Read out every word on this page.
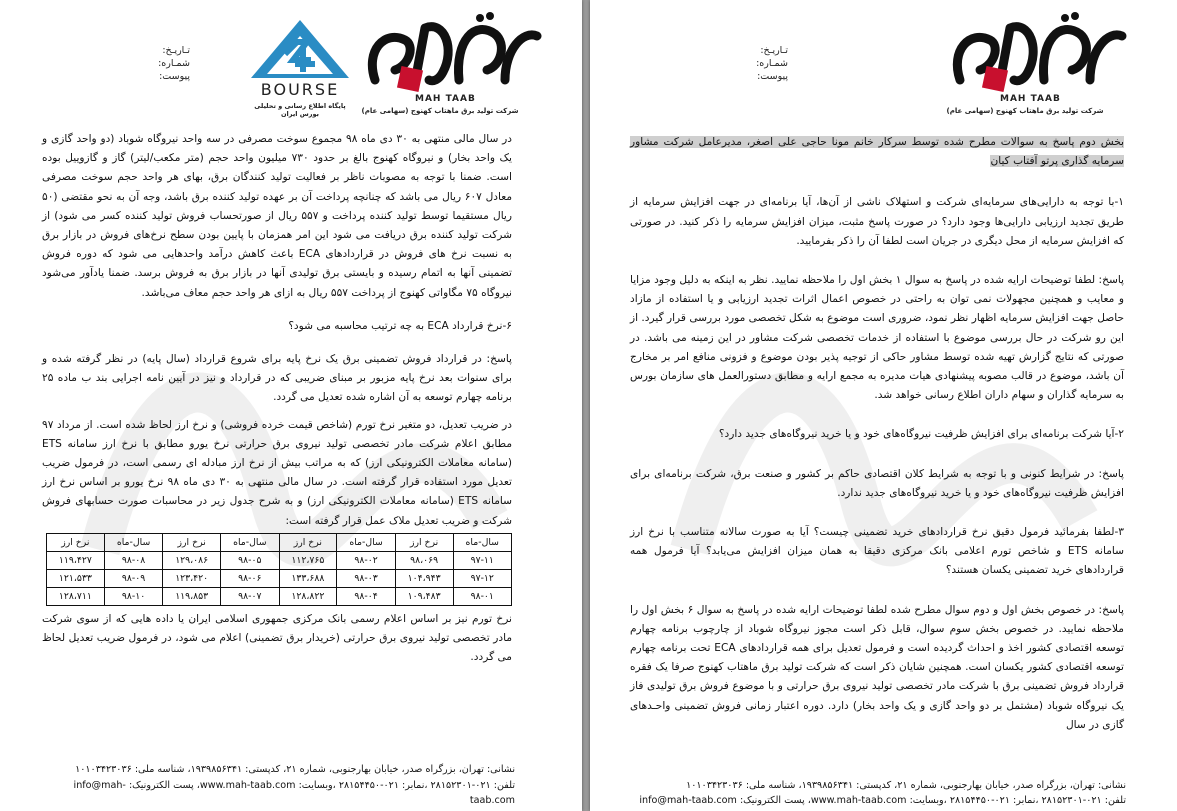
تـاریـخ:
شمـاره:
پیوست:
BOURSE
پایگاه اطلاع رسانی و تحلیلی بورس ایران
MAH TAAB
شرکت تولید برق ماهتاب کهنوج (سهامی عام)

در سال مالی منتهی به ۳۰ دی ماه ۹۸ مجموع سوخت مصرفی در سه واحد نیروگاه شوباد (دو واحد گازی و یک واحد بخار) و نیروگاه کهنوج بالغ بر حدود ۷۳۰ میلیون واحد حجم (متر مکعب/لیتر) گاز و گازوییل بوده است. ضمنا با توجه به مصوبات ناظر بر فعالیت تولید کنندگان برق، بهای هر واحد حجم سوخت مصرفی معادل ۶۰۷ ریال می باشد که چنانچه پرداخت آن بر عهده تولید کننده برق باشد، وجه آن به نحو مقتضی (۵۰ ریال مستقیما توسط تولید کننده پرداخت و ۵۵۷ ریال از صورتحساب فروش تولید کننده کسر می شود) از شرکت تولید کننده برق دریافت می شود این امر همزمان با پایین بودن سطح نرخ‌های فروش در بازار برق به نسبت نرخ های فروش در قراردادهای ECA باعث کاهش درآمد واحدهایی می شود که دوره فروش تضمینی آنها به اتمام رسیده و بایستی برق تولیدی آنها در بازار برق به فروش برسد. ضمنا یادآور می‌شود نیروگاه ۷۵ مگاواتی کهنوج از پرداخت ۵۵۷ ریال به ازای هر واحد حجم معاف می‌باشد.

۶-نرخ قرارداد ECA به چه ترتیب محاسبه می شود؟

پاسخ: در قرارداد فروش تضمینی برق یک نرخ پایه برای شروع قرارداد (سال پایه) در نظر گرفته شده و برای سنوات بعد نرخ پایه مزبور بر مبنای ضریبی که در قرارداد و نیز در آیین نامه اجرایی بند ب ماده ۲۵ برنامه چهارم توسعه به آن اشاره شده تعدیل می گردد.

در ضریب تعدیل، دو متغیر نرخ تورم (شاخص قیمت خرده فروشی) و نرخ ارز لحاظ شده است. از مرداد ۹۷ مطابق اعلام شرکت مادر تخصصی تولید نیروی برق حرارتی نرخ یورو مطابق با نرخ ارز سامانه ETS (سامانه معاملات الکترونیکی ارز) که به مراتب بیش از نرخ ارز مبادله ای رسمی است، در فرمول ضریب تعدیل مورد استفاده قرار گرفته است. در سال مالی منتهی به ۳۰ دی ماه ۹۸ نرخ یورو بر اساس نرخ ارز سامانه ETS (سامانه معاملات الکترونیکی ارز) و به شرح جدول زیر در محاسبات صورت حسابهای فروش شرکت و ضریب تعدیل ملاک عمل قرار گرفته است:

سال-ماه	نرخ ارز	سال-ماه	نرخ ارز	سال-ماه	نرخ ارز	سال-ماه	نرخ ارز
۹۷-۱۱	۹۸،۰۶۹	۹۸-۰۲	۱۱۲،۷۶۵	۹۸-۰۵	۱۲۹،۰۸۶	۹۸-۰۸	۱۱۹،۴۲۷
۹۷-۱۲	۱۰۴،۹۴۳	۹۸-۰۳	۱۳۳،۶۸۸	۹۸-۰۶	۱۲۳،۴۲۰	۹۸-۰۹	۱۲۱،۵۳۳
۹۸-۰۱	۱۰۹،۴۸۳	۹۸-۰۴	۱۲۸،۸۲۲	۹۸-۰۷	۱۱۹،۸۵۳	۹۸-۱۰	۱۲۸،۷۱۱

نرخ تورم نیز بر اساس اعلام رسمی بانک مرکزی جمهوری اسلامی ایران یا داده هایی که از سوی شرکت مادر تخصصی تولید نیروی برق حرارتی (خریدار برق تضمینی) اعلام می شود، در فرمول ضریب تعدیل لحاظ می گردد.

نشانی: تهران، بزرگراه صدر، خیابان بهارجنوبی، شماره ۲۱، کدپستی: ۱۹۳۹۸۵۶۳۴۱، شناسه ملی: ۱۰۱۰۳۴۲۳۰۳۶
تلفن: ۰۲۱-۲۸۱۵۲۳۰۱ ،نمابر: ۰۲۱-۲۸۱۵۴۴۵۰ ،وبسایت: www.mah-taab.com، پست الکترونیک: info@mah-taab.com
تـاریـخ:
شمـاره:
پیوست:
MAH TAAB
شرکت تولید برق ماهتاب کهنوج (سهامی عام)

بخش دوم پاسخ به سوالات مطرح شده توسط سرکار خانم مونا حاجی علی اصغر، مدیرعامل شرکت مشاور سرمایه گذاری پرتو آفتاب کیان

۱-با توجه به دارایی‌های سرمایه‌ای شرکت و استهلاک ناشی از آن‌ها، آیا برنامه‌ای در جهت افزایش سرمایه از طریق تجدید ارزیابی دارایی‌ها وجود دارد؟ در صورت پاسخ مثبت، میزان افزایش سرمایه را ذکر کنید. در صورتی که افزایش سرمایه از محل دیگری در جریان است لطفا آن را ذکر بفرمایید.

پاسخ: لطفا توضیحات ارایه شده در پاسخ به سوال ۱ بخش اول را ملاحظه نمایید. نظر به اینکه به دلیل وجود مزایا و معایب و همچنین مجهولات نمی توان به راحتی در خصوص اعمال اثرات تجدید ارزیابی و یا استفاده از مازاد حاصل جهت افزایش سرمایه اظهار نظر نمود، ضروری است موضوع به شکل تخصصی مورد بررسی قرار گیرد. از این رو شرکت در حال بررسی موضوع با استفاده از خدمات تخصصی شرکت مشاور در این زمینه می باشد. در صورتی که نتایج گزارش تهیه شده توسط مشاور حاکی از توجیه پذیر بودن موضوع و فزونی منافع امر بر مخارج آن باشد، موضوع در قالب مصوبه پیشنهادی هیات مدیره به مجمع ارایه و مطابق دستورالعمل های سازمان بورس به سرمایه گذاران و سهام داران اطلاع رسانی خواهد شد.

۲-آیا شرکت برنامه‌ای برای افزایش ظرفیت نیروگاه‌های خود و یا خرید نیروگاه‌های جدید دارد؟

پاسخ: در شرایط کنونی و با توجه به شرایط کلان اقتصادی حاکم بر کشور و صنعت برق، شرکت برنامه‌ای برای افزایش ظرفیت نیروگاه‌های خود و یا خرید نیروگاه‌های جدید ندارد.

۳-لطفا بفرمائید فرمول دقیق نرخ قراردادهای خرید تضمینی چیست؟ آیا به صورت سالانه متناسب با نرخ ارز سامانه ETS و شاخص تورم اعلامی بانک مرکزی دقیقا به همان میزان افزایش می‌یابد؟ آیا فرمول همه قراردادهای خرید تضمینی یکسان هستند؟

پاسخ: در خصوص بخش اول و دوم سوال مطرح شده لطفا توضیحات ارایه شده در پاسخ به سوال ۶ بخش اول را ملاحظه نمایید. در خصوص بخش سوم سوال، قابل ذکر است مجوز نیروگاه شوباد از چارچوب برنامه چهارم توسعه اقتصادی کشور اخذ و احداث گردیده است و فرمول تعدیل برای همه قراردادهای ECA تحت برنامه چهارم توسعه اقتصادی کشور یکسان است. همچنین شایان ذکر است که شرکت تولید برق ماهتاب کهنوج صرفا یک فقره قرارداد فروش تضمینی برق با شرکت مادر تخصصی تولید نیروی برق حرارتی و با موضوع فروش برق تولیدی فاز یک نیروگاه شوباد (مشتمل بر دو واحد گازی و یک واحد بخار) دارد. دوره اعتبار زمانی فروش تضمینی واحـدهای گازی در سال

نشانی: تهران، بزرگراه صدر، خیابان بهارجنوبی، شماره ۲۱، کدپستی: ۱۹۳۹۸۵۶۳۴۱، شناسه ملی: ۱۰۱۰۳۴۲۳۰۳۶
تلفن: ۰۲۱-۲۸۱۵۲۳۰۱ ،نمابر: ۰۲۱-۲۸۱۵۴۴۵۰ ،وبسایت: www.mah-taab.com، پست الکترونیک: info@mah-taab.com
